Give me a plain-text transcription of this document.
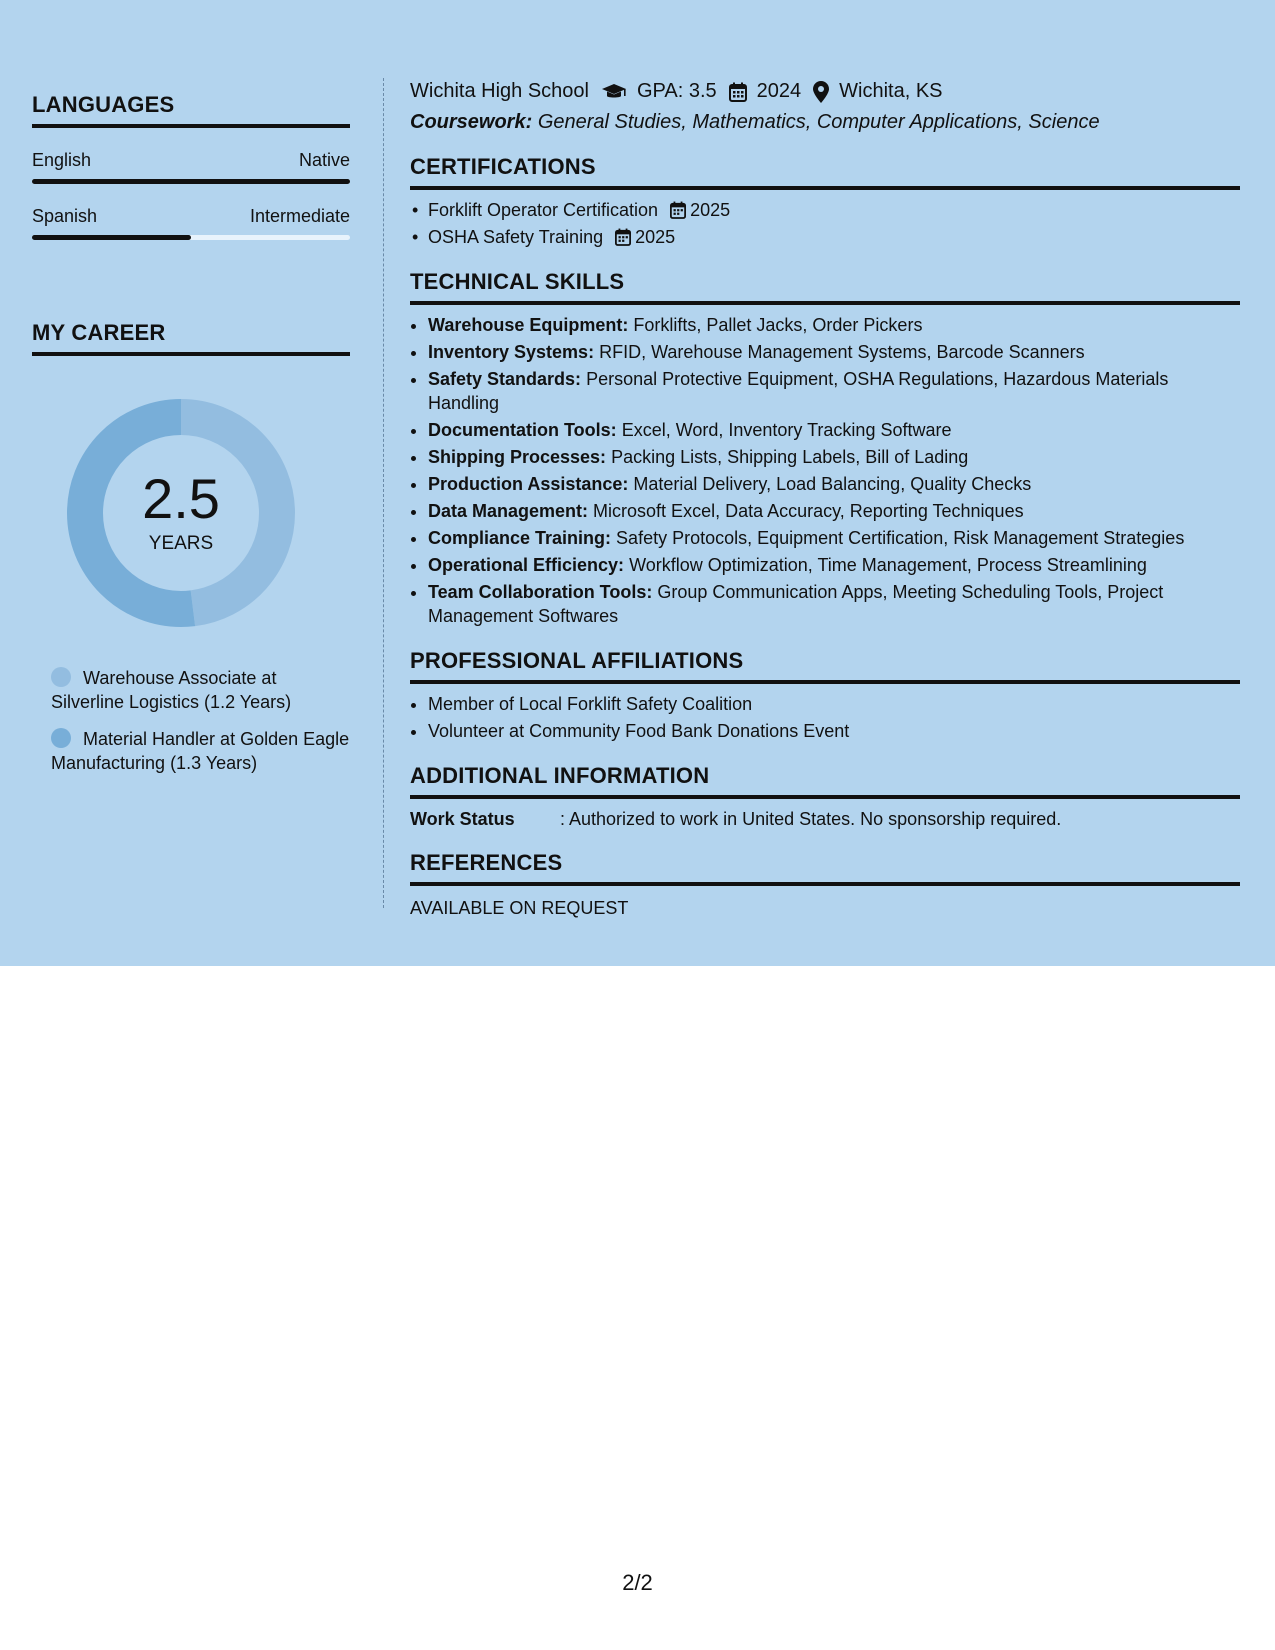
LANGUAGES
English	Native
Spanish	Intermediate
MY CAREER
2.5
YEARS
Warehouse Associate at Silverline Logistics (1.2 Years)
Material Handler at Golden Eagle Manufacturing (1.3 Years)
Wichita High School GPA: 3.5 2024 Wichita, KS
Coursework: General Studies, Mathematics, Computer Applications, Science
CERTIFICATIONS
• Forklift Operator Certification 2025
• OSHA Safety Training 2025
TECHNICAL SKILLS
• Warehouse Equipment: Forklifts, Pallet Jacks, Order Pickers
• Inventory Systems: RFID, Warehouse Management Systems, Barcode Scanners
• Safety Standards: Personal Protective Equipment, OSHA Regulations, Hazardous Materials Handling
• Documentation Tools: Excel, Word, Inventory Tracking Software
• Shipping Processes: Packing Lists, Shipping Labels, Bill of Lading
• Production Assistance: Material Delivery, Load Balancing, Quality Checks
• Data Management: Microsoft Excel, Data Accuracy, Reporting Techniques
• Compliance Training: Safety Protocols, Equipment Certification, Risk Management Strategies
• Operational Efficiency: Workflow Optimization, Time Management, Process Streamlining
• Team Collaboration Tools: Group Communication Apps, Meeting Scheduling Tools, Project Management Softwares
PROFESSIONAL AFFILIATIONS
• Member of Local Forklift Safety Coalition
• Volunteer at Community Food Bank Donations Event
ADDITIONAL INFORMATION
Work Status	: Authorized to work in United States. No sponsorship required.
REFERENCES
AVAILABLE ON REQUEST
2/2
